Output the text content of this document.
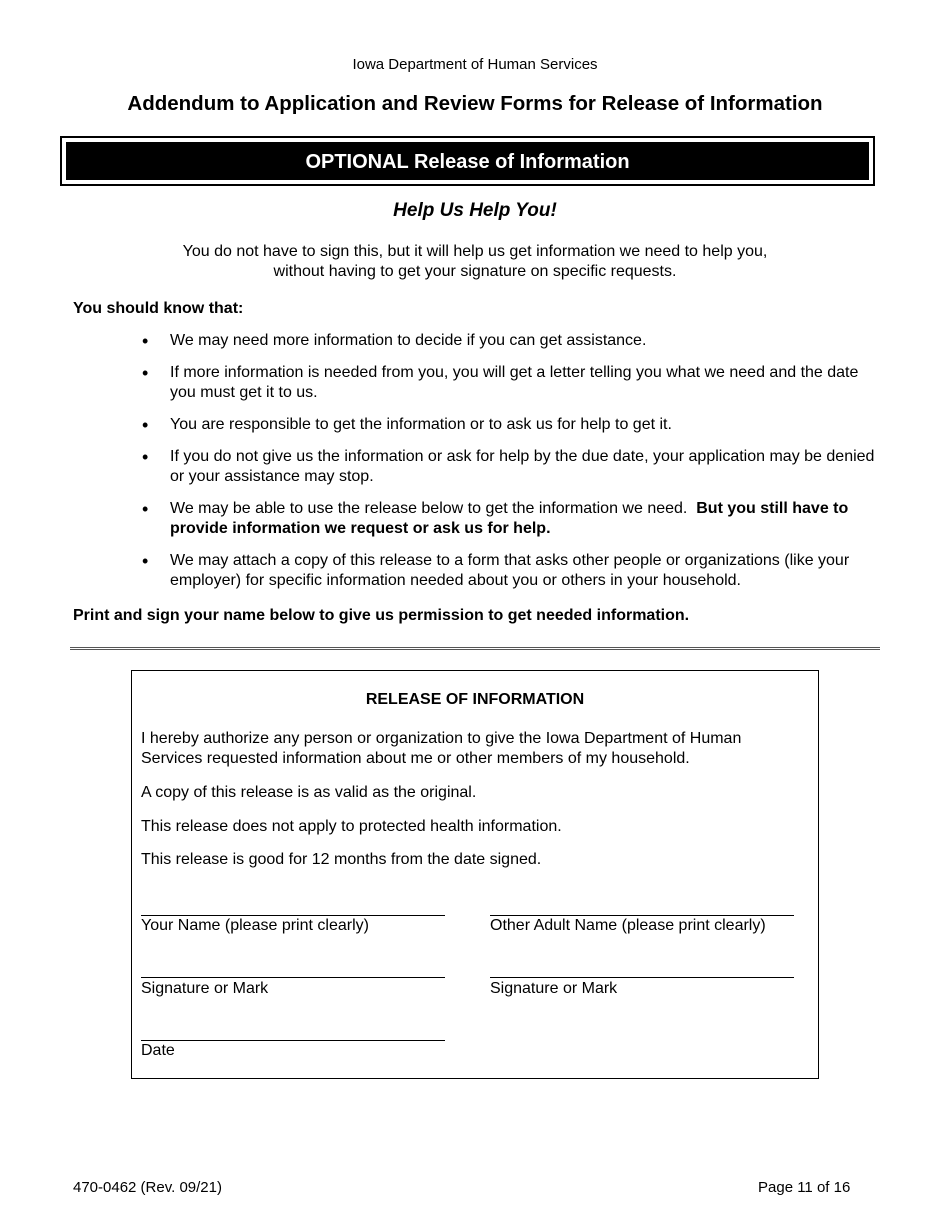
Iowa Department of Human Services
Addendum to Application and Review Forms for Release of Information
OPTIONAL Release of Information
Help Us Help You!
You do not have to sign this, but it will help us get information we need to help you,
without having to get your signature on specific requests.
You should know that:
• We may need more information to decide if you can get assistance.
• If more information is needed from you, you will get a letter telling you what we need and the date you must get it to us.
• You are responsible to get the information or to ask us for help to get it.
• If you do not give us the information or ask for help by the due date, your application may be denied or your assistance may stop.
• We may be able to use the release below to get the information we need. But you still have to provide information we request or ask us for help.
• We may attach a copy of this release to a form that asks other people or organizations (like your employer) for specific information needed about you or others in your household.
Print and sign your name below to give us permission to get needed information.
RELEASE OF INFORMATION
I hereby authorize any person or organization to give the Iowa Department of Human Services requested information about me or other members of my household.
A copy of this release is as valid as the original.
This release does not apply to protected health information.
This release is good for 12 months from the date signed.
Your Name (please print clearly)	Other Adult Name (please print clearly)
Signature or Mark	Signature or Mark
Date
470-0462 (Rev. 09/21)	Page 11 of 16
